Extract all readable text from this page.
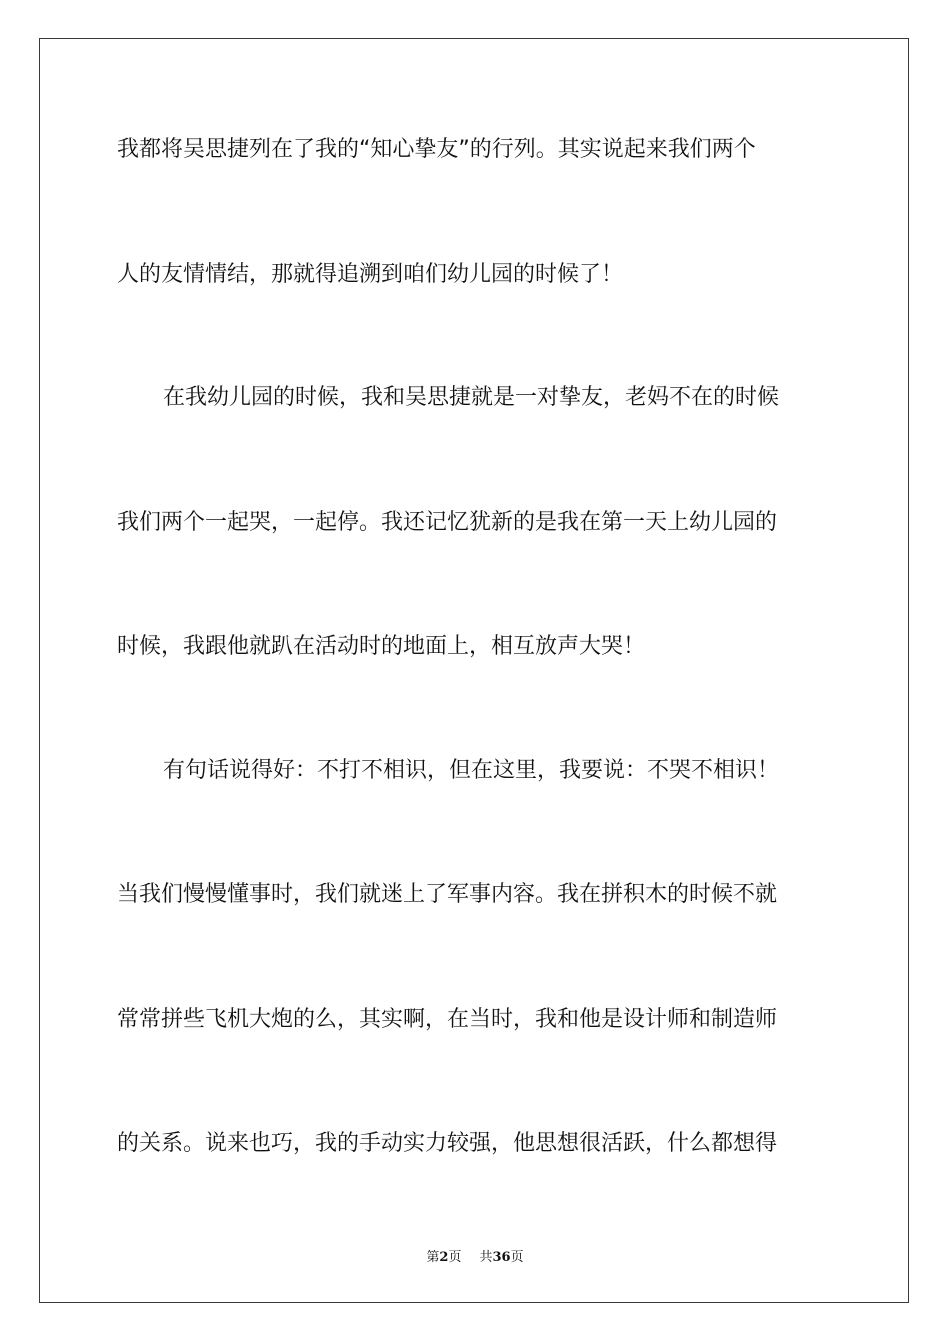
我都将吴思捷列在了我的“知心挚友”的行列。其实说起来我们两个
人的友情情结，那就得追溯到咱们幼儿园的时候了！
在我幼儿园的时候，我和吴思捷就是一对挚友，老妈不在的时候
我们两个一起哭，一起停。我还记忆犹新的是我在第一天上幼儿园的
时候，我跟他就趴在活动时的地面上，相互放声大哭！
有句话说得好：不打不相识，但在这里，我要说：不哭不相识！
当我们慢慢懂事时，我们就迷上了军事内容。我在拼积木的时候不就
常常拼些飞机大炮的么，其实啊，在当时，我和他是设计师和制造师
的关系。说来也巧，我的手动实力较强，他思想很活跃，什么都想得
第2页 共36页
